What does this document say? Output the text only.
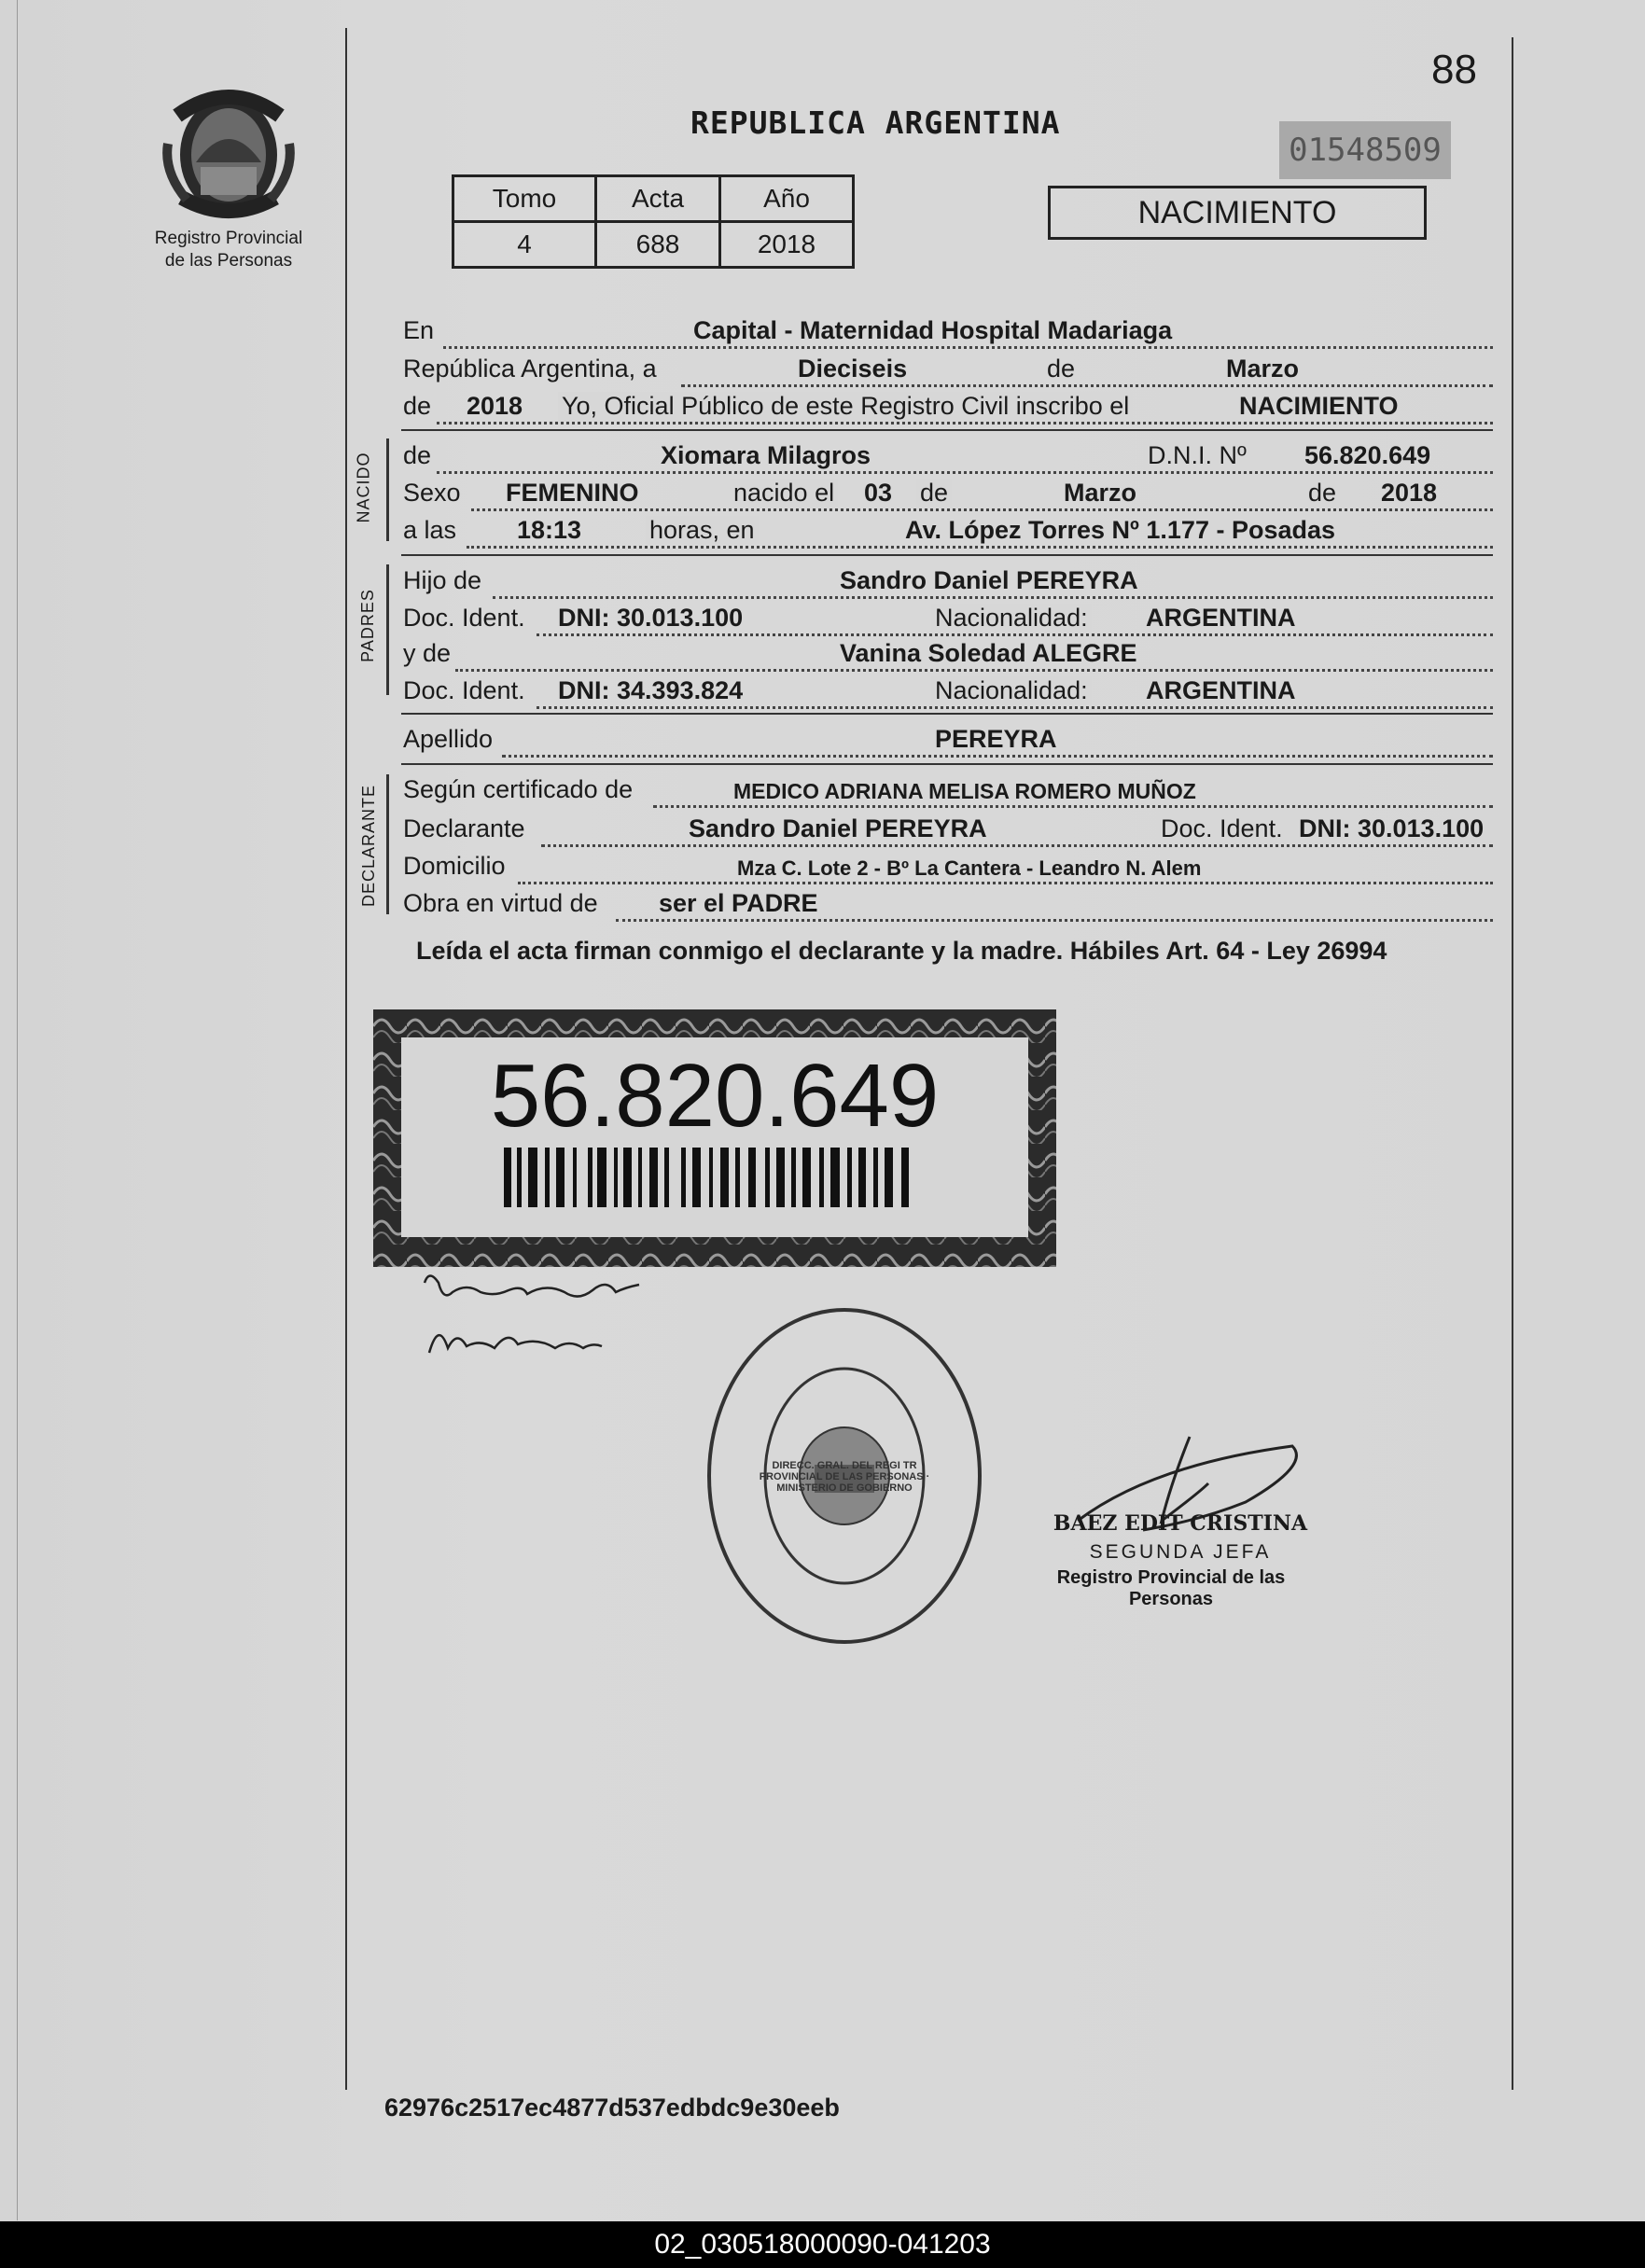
88
Registro Provincial
de las Personas
REPUBLICA ARGENTINA
01548509
Tomo	Acta	Año
4	688	2018
NACIMIENTO
En	Capital - Maternidad Hospital Madariaga
República Argentina, a	Dieciseis	de	Marzo
de 2018 Yo, Oficial Público de este Registro Civil inscribo el	NACIMIENTO
NACIDO de	Xiomara Milagros	D.N.I. Nº 56.820.649
Sexo FEMENINO	nacido el 03 de	Marzo	de 2018
a las 18:13	horas, en	Av. López Torres Nº 1.177 - Posadas
PADRES
Hijo de	Sandro Daniel PEREYRA
Doc. Ident. DNI: 30.013.100	Nacionalidad: ARGENTINA
y de	Vanina Soledad ALEGRE
Doc. Ident. DNI: 34.393.824	Nacionalidad: ARGENTINA
Apellido	PEREYRA
DECLARANTE Según certificado de	MEDICO ADRIANA MELISA ROMERO MUÑOZ
Declarante	Sandro Daniel PEREYRA	Doc. Ident. DNI: 30.013.100
Domicilio	Mza C. Lote 2 - Bº La Cantera - Leandro N. Alem
Obra en virtud de ser el PADRE
Leída el acta firman conmigo el declarante y la madre. Hábiles Art. 64 - Ley 26994
56.820.649
DIRECC. GRAL. DEL REGI TR PROVINCIAL DE LAS PERSONAS · MINISTERIO DE GOBIERNO
BAEZ EDIT CRISTINA
SEGUNDA JEFA
Registro Provincial de las Personas
62976c2517ec4877d537edbdc9e30eeb
02_030518000090-041203
